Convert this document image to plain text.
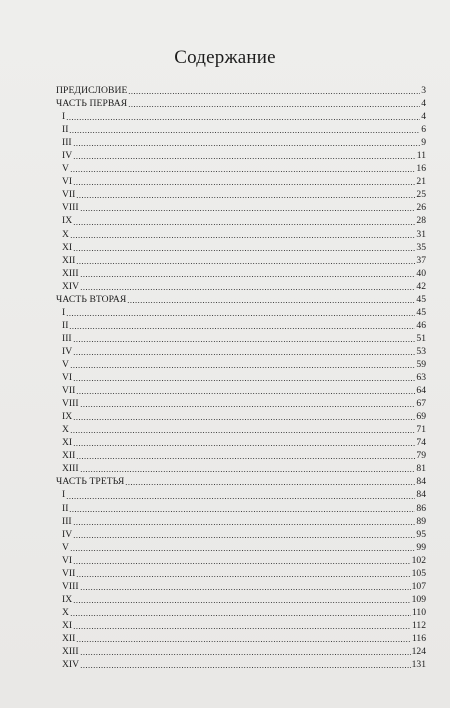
Содержание
ПРЕДИСЛОВИЕ	3
ЧАСТЬ ПЕРВАЯ	4
I	4
II	6
III	9
IV	11
V	16
VI	21
VII	25
VIII	26
IX	28
X	31
XI	35
XII	37
XIII	40
XIV	42
ЧАСТЬ ВТОРАЯ	45
I	45
II	46
III	51
IV	53
V	59
VI	63
VII	64
VIII	67
IX	69
X	71
XI	74
XII	79
XIII	81
ЧАСТЬ ТРЕТЬЯ	84
I	84
II	86
III	89
IV	95
V	99
VI	102
VII	105
VIII	107
IX	109
X	110
XI	112
XII	116
XIII	124
XIV	131
